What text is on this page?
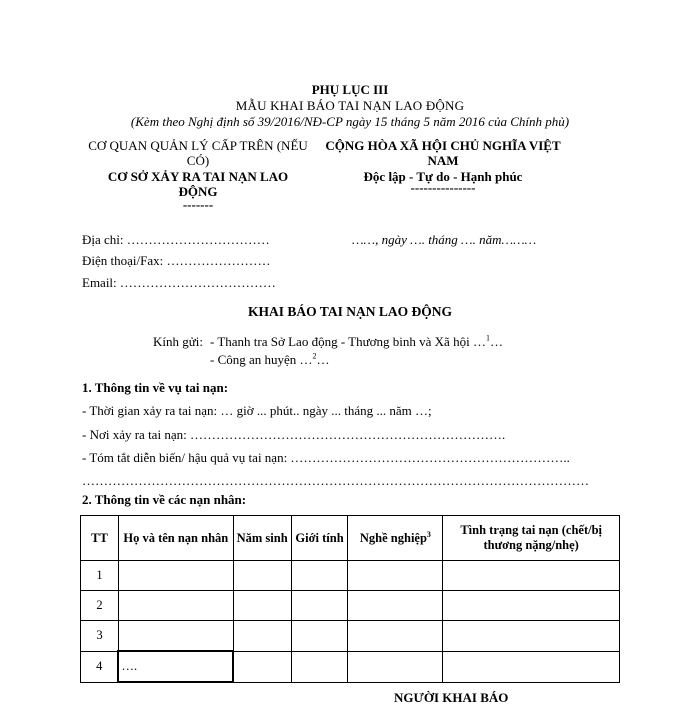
PHỤ LỤC III
MẪU KHAI BÁO TAI NẠN LAO ĐỘNG
(Kèm theo Nghị định số 39/2016/NĐ-CP ngày 15 tháng 5 năm 2016 của Chính phủ)
CƠ QUAN QUẢN LÝ CẤP TRÊN (NẾU CÓ)
CƠ SỞ XẢY RA TAI NẠN LAO ĐỘNG
-------
CỘNG HÒA XÃ HỘI CHỦ NGHĨA VIỆT NAM
Độc lập - Tự do - Hạnh phúc
---------------
Địa chỉ: ……………………………
Điện thoại/Fax: ……………………
Email: ………………………………
……, ngày …. tháng …. năm………
KHAI BÁO TAI NẠN LAO ĐỘNG
Kính gửi: - Thanh tra Sở Lao động - Thương binh và Xã hội …$^1$…
- Công an huyện …$^2$…
1. Thông tin về vụ tai nạn:
- Thời gian xảy ra tai nạn: … giờ ... phút.. ngày ... tháng ... năm …;
- Nơi xảy ra tai nạn: ……………………………………………………………….
- Tóm tắt diễn biến/ hậu quả vụ tai nạn: ………………………………………………………..
………………………………………………………………………………………………………
2. Thông tin về các nạn nhân:
TT	Họ và tên nạn nhân	Năm sinh	Giới tính	Nghề nghiệp$^3$	Tình trạng tai nạn (chết/bị thương nặng/nhẹ)
1					
2					
3					
4	….				
NGƯỜI KHAI BÁO
